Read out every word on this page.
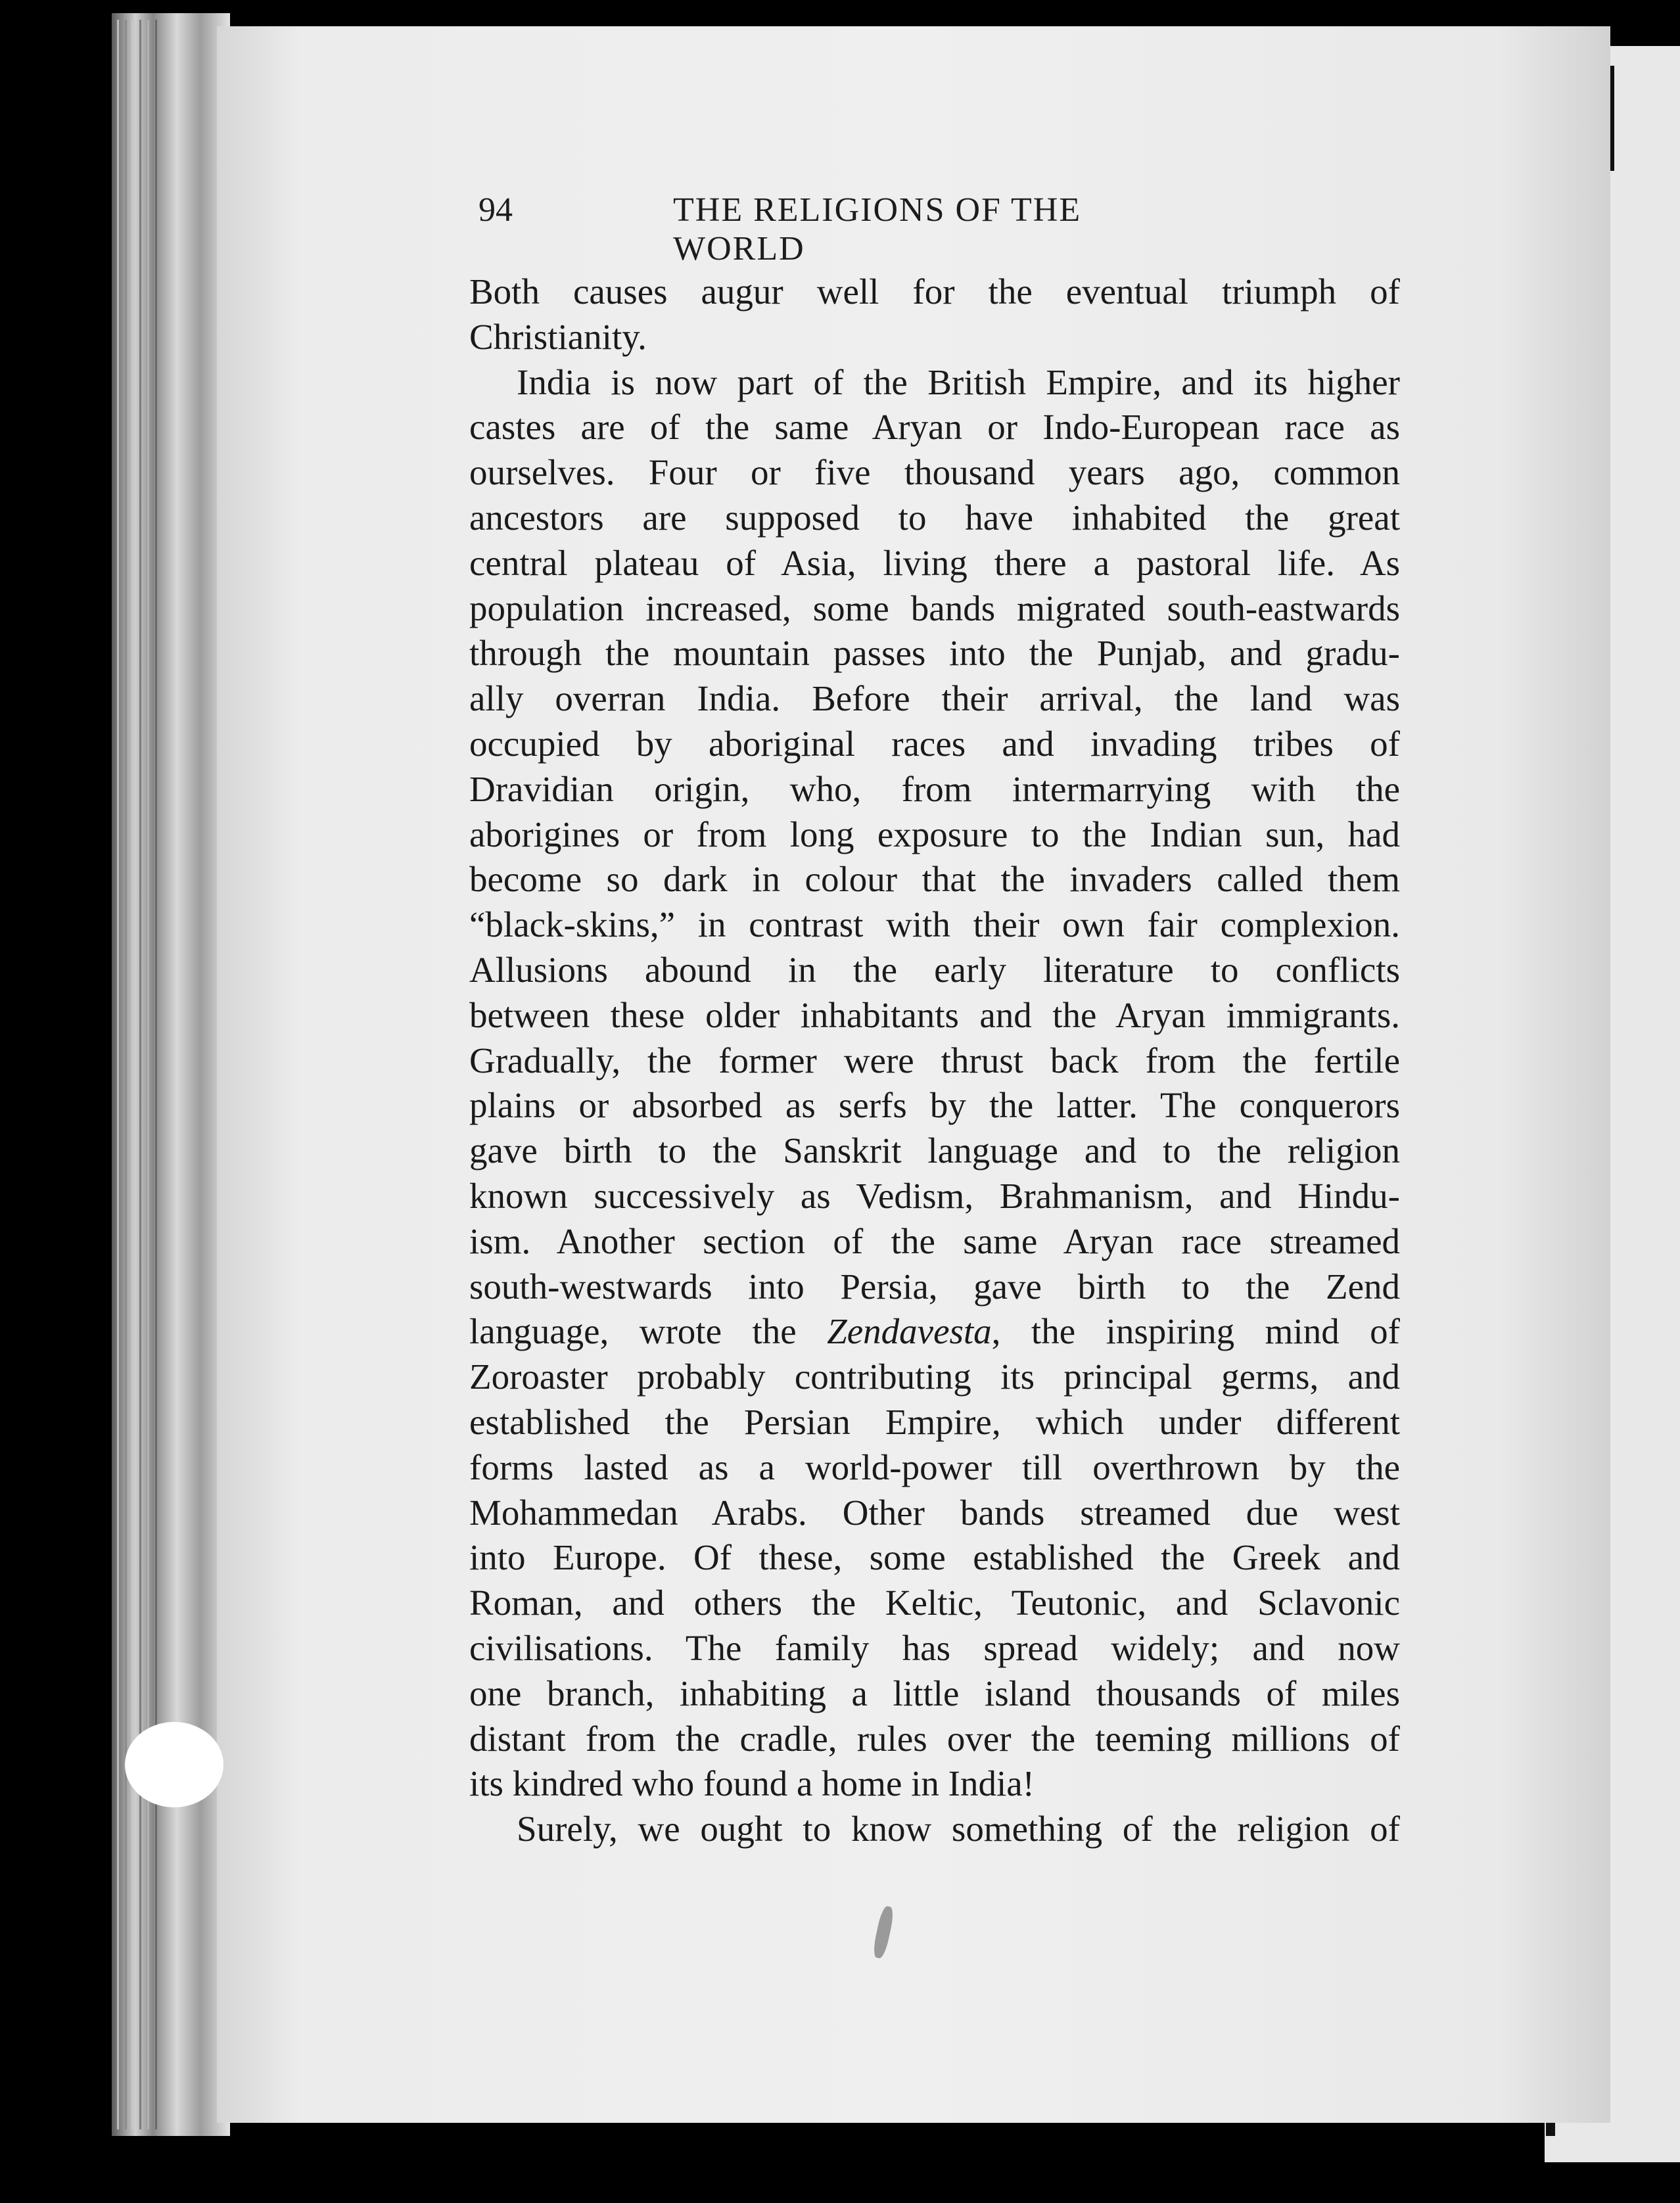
94	THE RELIGIONS OF THE WORLD
Both causes augur well for the eventual triumph of
Christianity.
India is now part of the British Empire, and its higher
castes are of the same Aryan or Indo-European race as
ourselves. Four or five thousand years ago, common
ancestors are supposed to have inhabited the great
central plateau of Asia, living there a pastoral life. As
population increased, some bands migrated south-eastwards
through the mountain passes into the Punjab, and gradu-
ally overran India. Before their arrival, the land was
occupied by aboriginal races and invading tribes of
Dravidian origin, who, from intermarrying with the
aborigines or from long exposure to the Indian sun, had
become so dark in colour that the invaders called them
“black-skins,” in contrast with their own fair complexion.
Allusions abound in the early literature to conflicts
between these older inhabitants and the Aryan immigrants.
Gradually, the former were thrust back from the fertile
plains or absorbed as serfs by the latter. The conquerors
gave birth to the Sanskrit language and to the religion
known successively as Vedism, Brahmanism, and Hindu-
ism. Another section of the same Aryan race streamed
south-westwards into Persia, gave birth to the Zend
language, wrote the Zendavesta, the inspiring mind of
Zoroaster probably contributing its principal germs, and
established the Persian Empire, which under different
forms lasted as a world-power till overthrown by the
Mohammedan Arabs. Other bands streamed due west
into Europe. Of these, some established the Greek and
Roman, and others the Keltic, Teutonic, and Sclavonic
civilisations. The family has spread widely; and now
one branch, inhabiting a little island thousands of miles
distant from the cradle, rules over the teeming millions of
its kindred who found a home in India!
Surely, we ought to know something of the religion of
